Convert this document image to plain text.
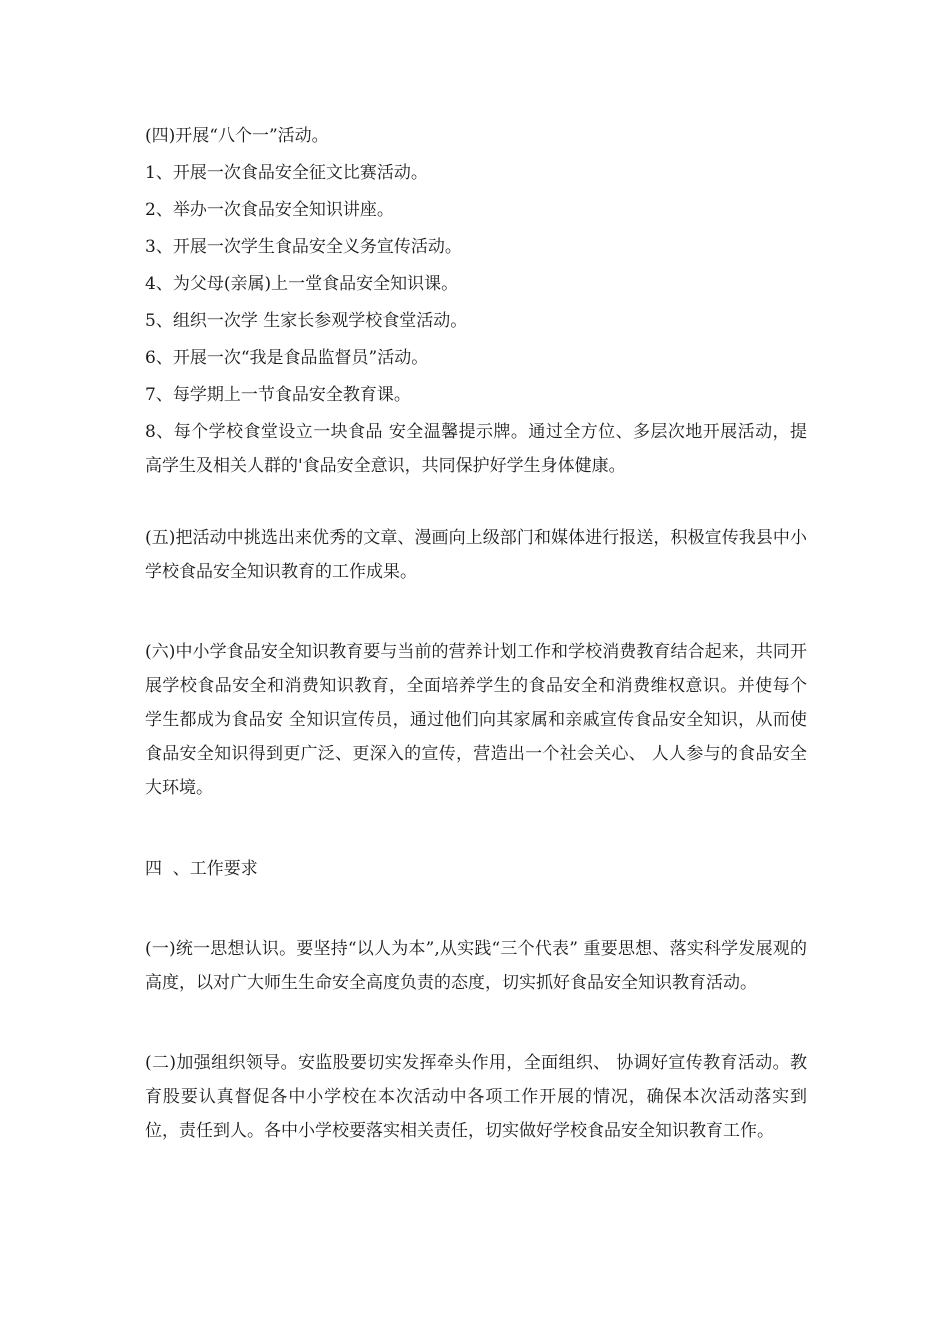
(四)开展“八个一”活动。
1、开展一次食品安全征文比赛活动。
2、举办一次食品安全知识讲座。
3、开展一次学生食品安全义务宣传活动。
4、为父母(亲属)上一堂食品安全知识课。
5、组织一次学 生家长参观学校食堂活动。
6、开展一次“我是食品监督员”活动。
7、每学期上一节食品安全教育课。

8、每个学校食堂设立一块食品 安全温馨提示牌。通过全方位、多层次地开展活动，提高学生及相关人群的'食品安全意识，共同保护好学生身体健康。

(五)把活动中挑选出来优秀的文章、漫画向上级部门和媒体进行报送，积极宣传我县中小学校食品安全知识教育的工作成果。

(六)中小学食品安全知识教育要与当前的营养计划工作和学校消费教育结合起来，共同开展学校食品安全和消费知识教育，全面培养学生的食品安全和消费维权意识。并使每个学生都成为食品安 全知识宣传员，通过他们向其家属和亲戚宣传食品安全知识，从而使食品安全知识得到更广泛、更深入的宣传，营造出一个社会关心、 人人参与的食品安全大环境。

四  、工作要求

(一)统一思想认识。要坚持“以人为本”,从实践“三个代表” 重要思想、落实科学发展观的高度，以对广大师生生命安全高度负责的态度，切实抓好食品安全知识教育活动。

(二)加强组织领导。安监股要切实发挥牵头作用，全面组织、 协调好宣传教育活动。教育股要认真督促各中小学校在本次活动中各项工作开展的情况，确保本次活动落实到位，责任到人。各中小学校要落实相关责任，切实做好学校食品安全知识教育工作。
